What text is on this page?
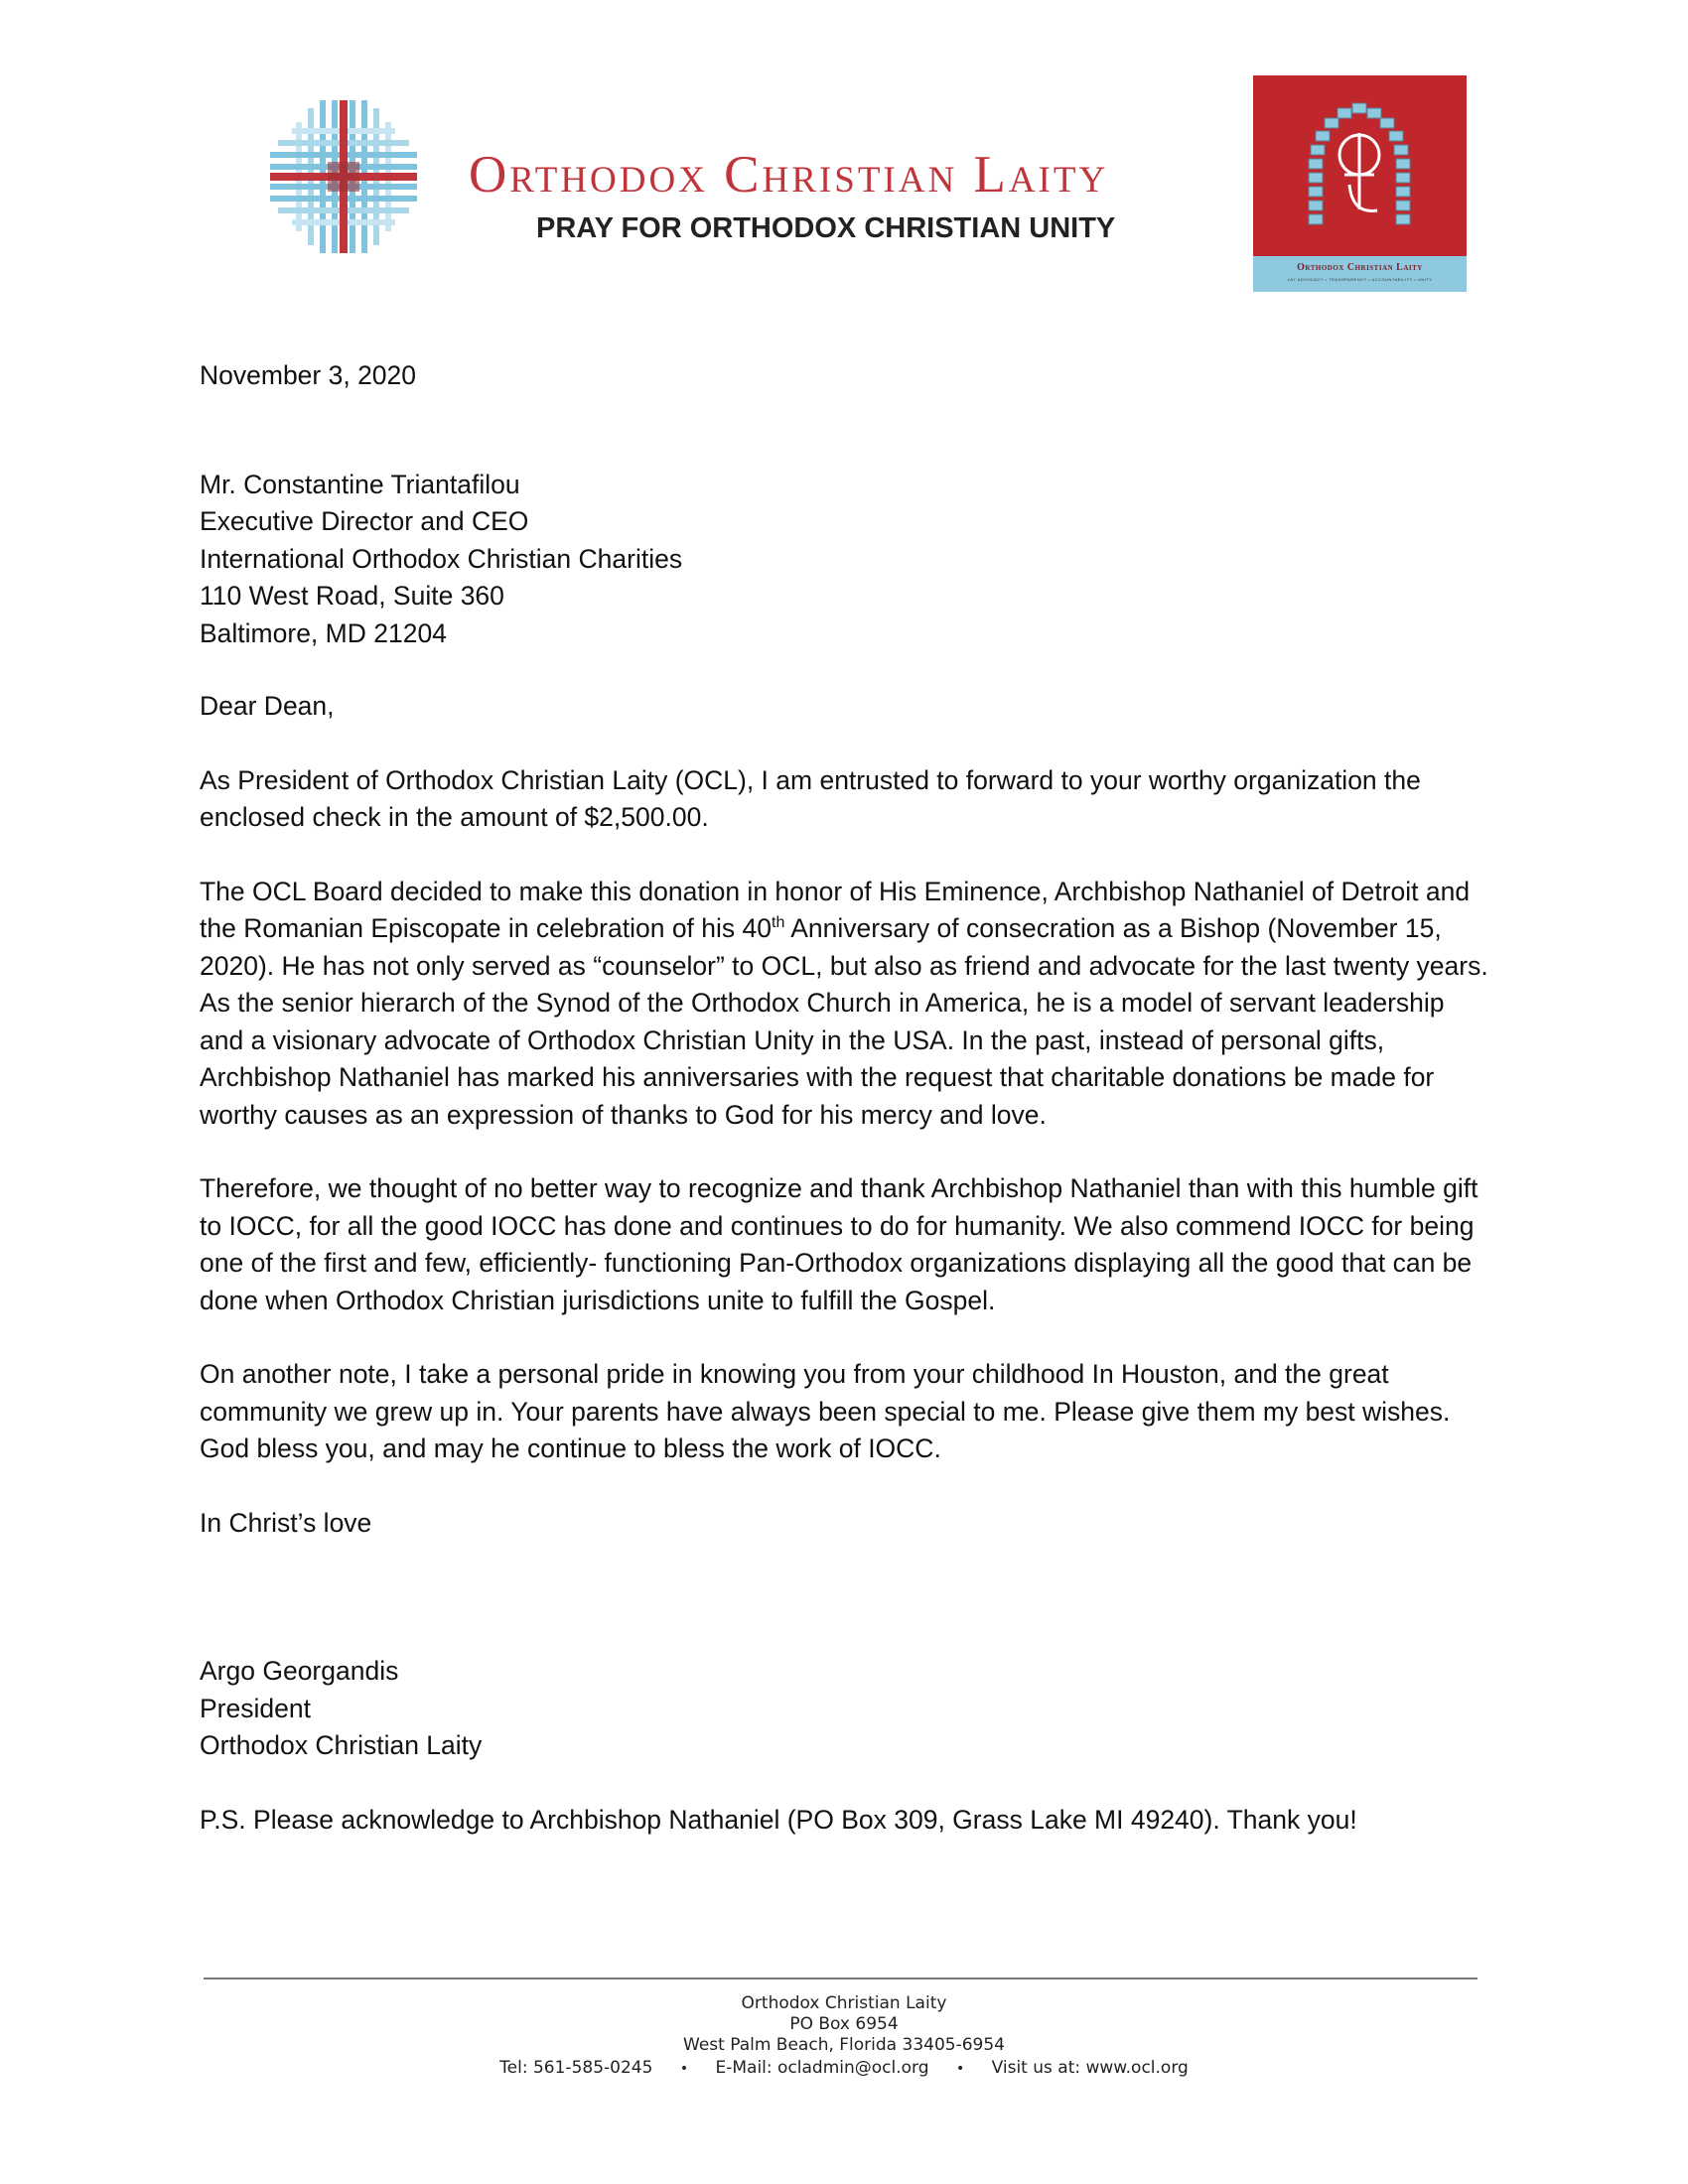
Orthodox Christian Laity
PRAY FOR ORTHODOX CHRISTIAN UNITY
Orthodox Christian Laity
LAY ADVOCACY • TRANSPARENCY • ACCOUNTABILITY • UNITY

November 3, 2020

Mr. Constantine Triantafilou
Executive Director and CEO
International Orthodox Christian Charities
110 West Road, Suite 360
Baltimore, MD 21204

Dear Dean,

As President of Orthodox Christian Laity (OCL), I am entrusted to forward to your worthy organization the enclosed check in the amount of $2,500.00.

The OCL Board decided to make this donation in honor of His Eminence, Archbishop Nathaniel of Detroit and the Romanian Episcopate in celebration of his 40th Anniversary of consecration as a Bishop (November 15, 2020). He has not only served as “counselor” to OCL, but also as friend and advocate for the last twenty years. As the senior hierarch of the Synod of the Orthodox Church in America, he is a model of servant leadership and a visionary advocate of Orthodox Christian Unity in the USA. In the past, instead of personal gifts, Archbishop Nathaniel has marked his anniversaries with the request that charitable donations be made for worthy causes as an expression of thanks to God for his mercy and love.

Therefore, we thought of no better way to recognize and thank Archbishop Nathaniel than with this humble gift to IOCC, for all the good IOCC has done and continues to do for humanity. We also commend IOCC for being one of the first and few, efficiently- functioning Pan-Orthodox organizations displaying all the good that can be done when Orthodox Christian jurisdictions unite to fulfill the Gospel.

On another note, I take a personal pride in knowing you from your childhood In Houston, and the great community we grew up in. Your parents have always been special to me. Please give them my best wishes. God bless you, and may he continue to bless the work of IOCC.

In Christ’s love

Argo Georgandis
President
Orthodox Christian Laity

P.S. Please acknowledge to Archbishop Nathaniel (PO Box 309, Grass Lake MI 49240). Thank you!

Orthodox Christian Laity
PO Box 6954
West Palm Beach, Florida 33405-6954
Tel: 561-585-0245 • E-Mail: ocladmin@ocl.org • Visit us at: www.ocl.org
